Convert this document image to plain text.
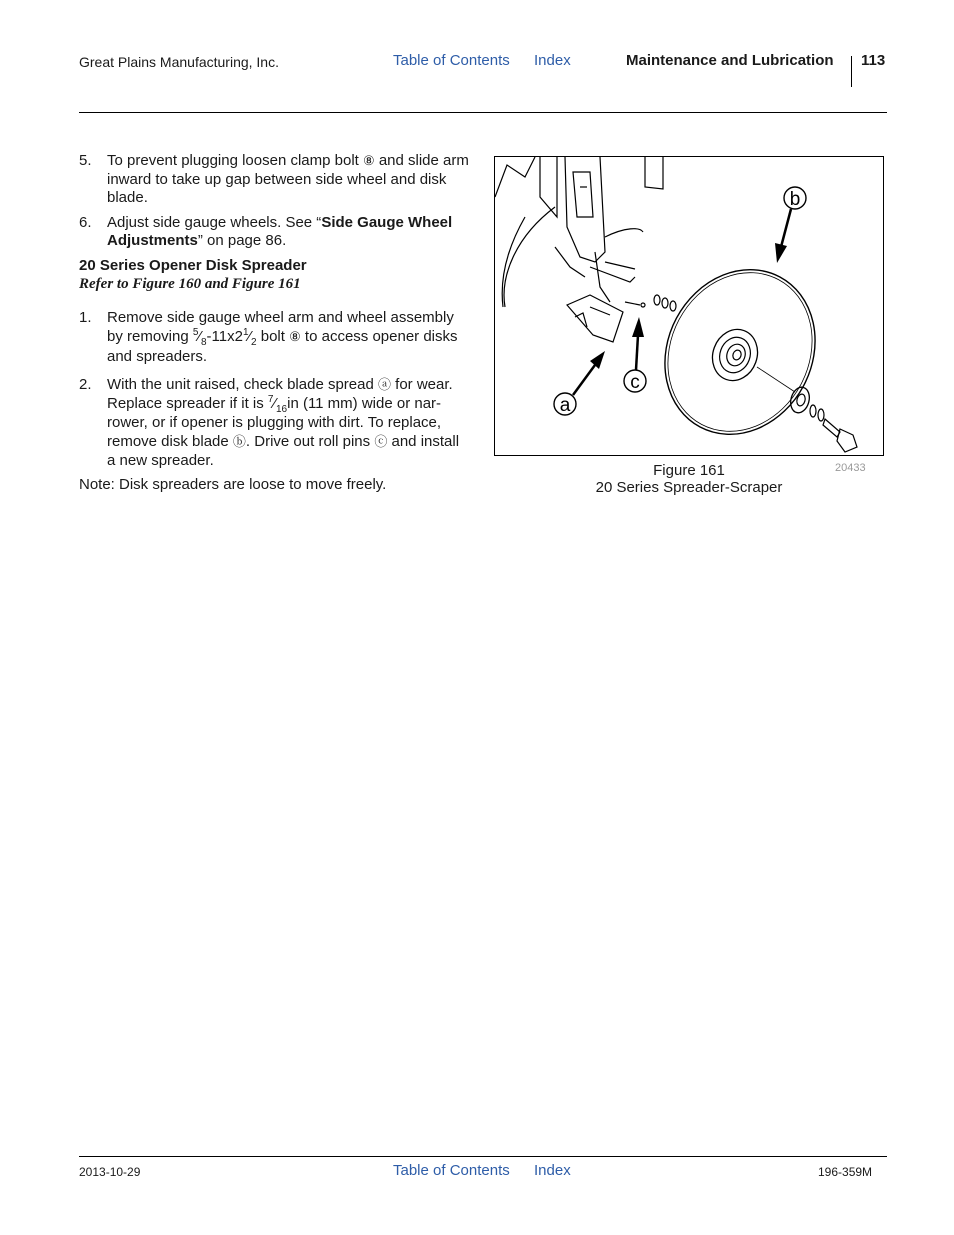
Great Plains Manufacturing, Inc.	Table of Contents Index	Maintenance and Lubrication 113
5. To prevent plugging loosen clamp bolt ⑧ and slide arm inward to take up gap between side wheel and disk blade.
6. Adjust side gauge wheels. See “Side Gauge Wheel Adjustments” on page 86.
20 Series Opener Disk Spreader
Refer to Figure 160 and Figure 161
1. Remove side gauge wheel arm and wheel assembly by removing $^5⁄_8-11x2^1⁄_2$ bolt ⑧ to access opener disks and spreaders.
2. With the unit raised, check blade spread ⓐ for wear. Replace spreader if it is $^7⁄_{16}in$ (11 mm) wide or nar-rower, or if opener is plugging with dirt. To replace, remove disk blade ⓑ. Drive out roll pins ⓒ and install a new spreader.
Note: Disk spreaders are loose to move freely.
b
c
a
20433
Figure 161
20 Series Spreader-Scraper
2013-10-29	Table of Contents Index	196-359M
